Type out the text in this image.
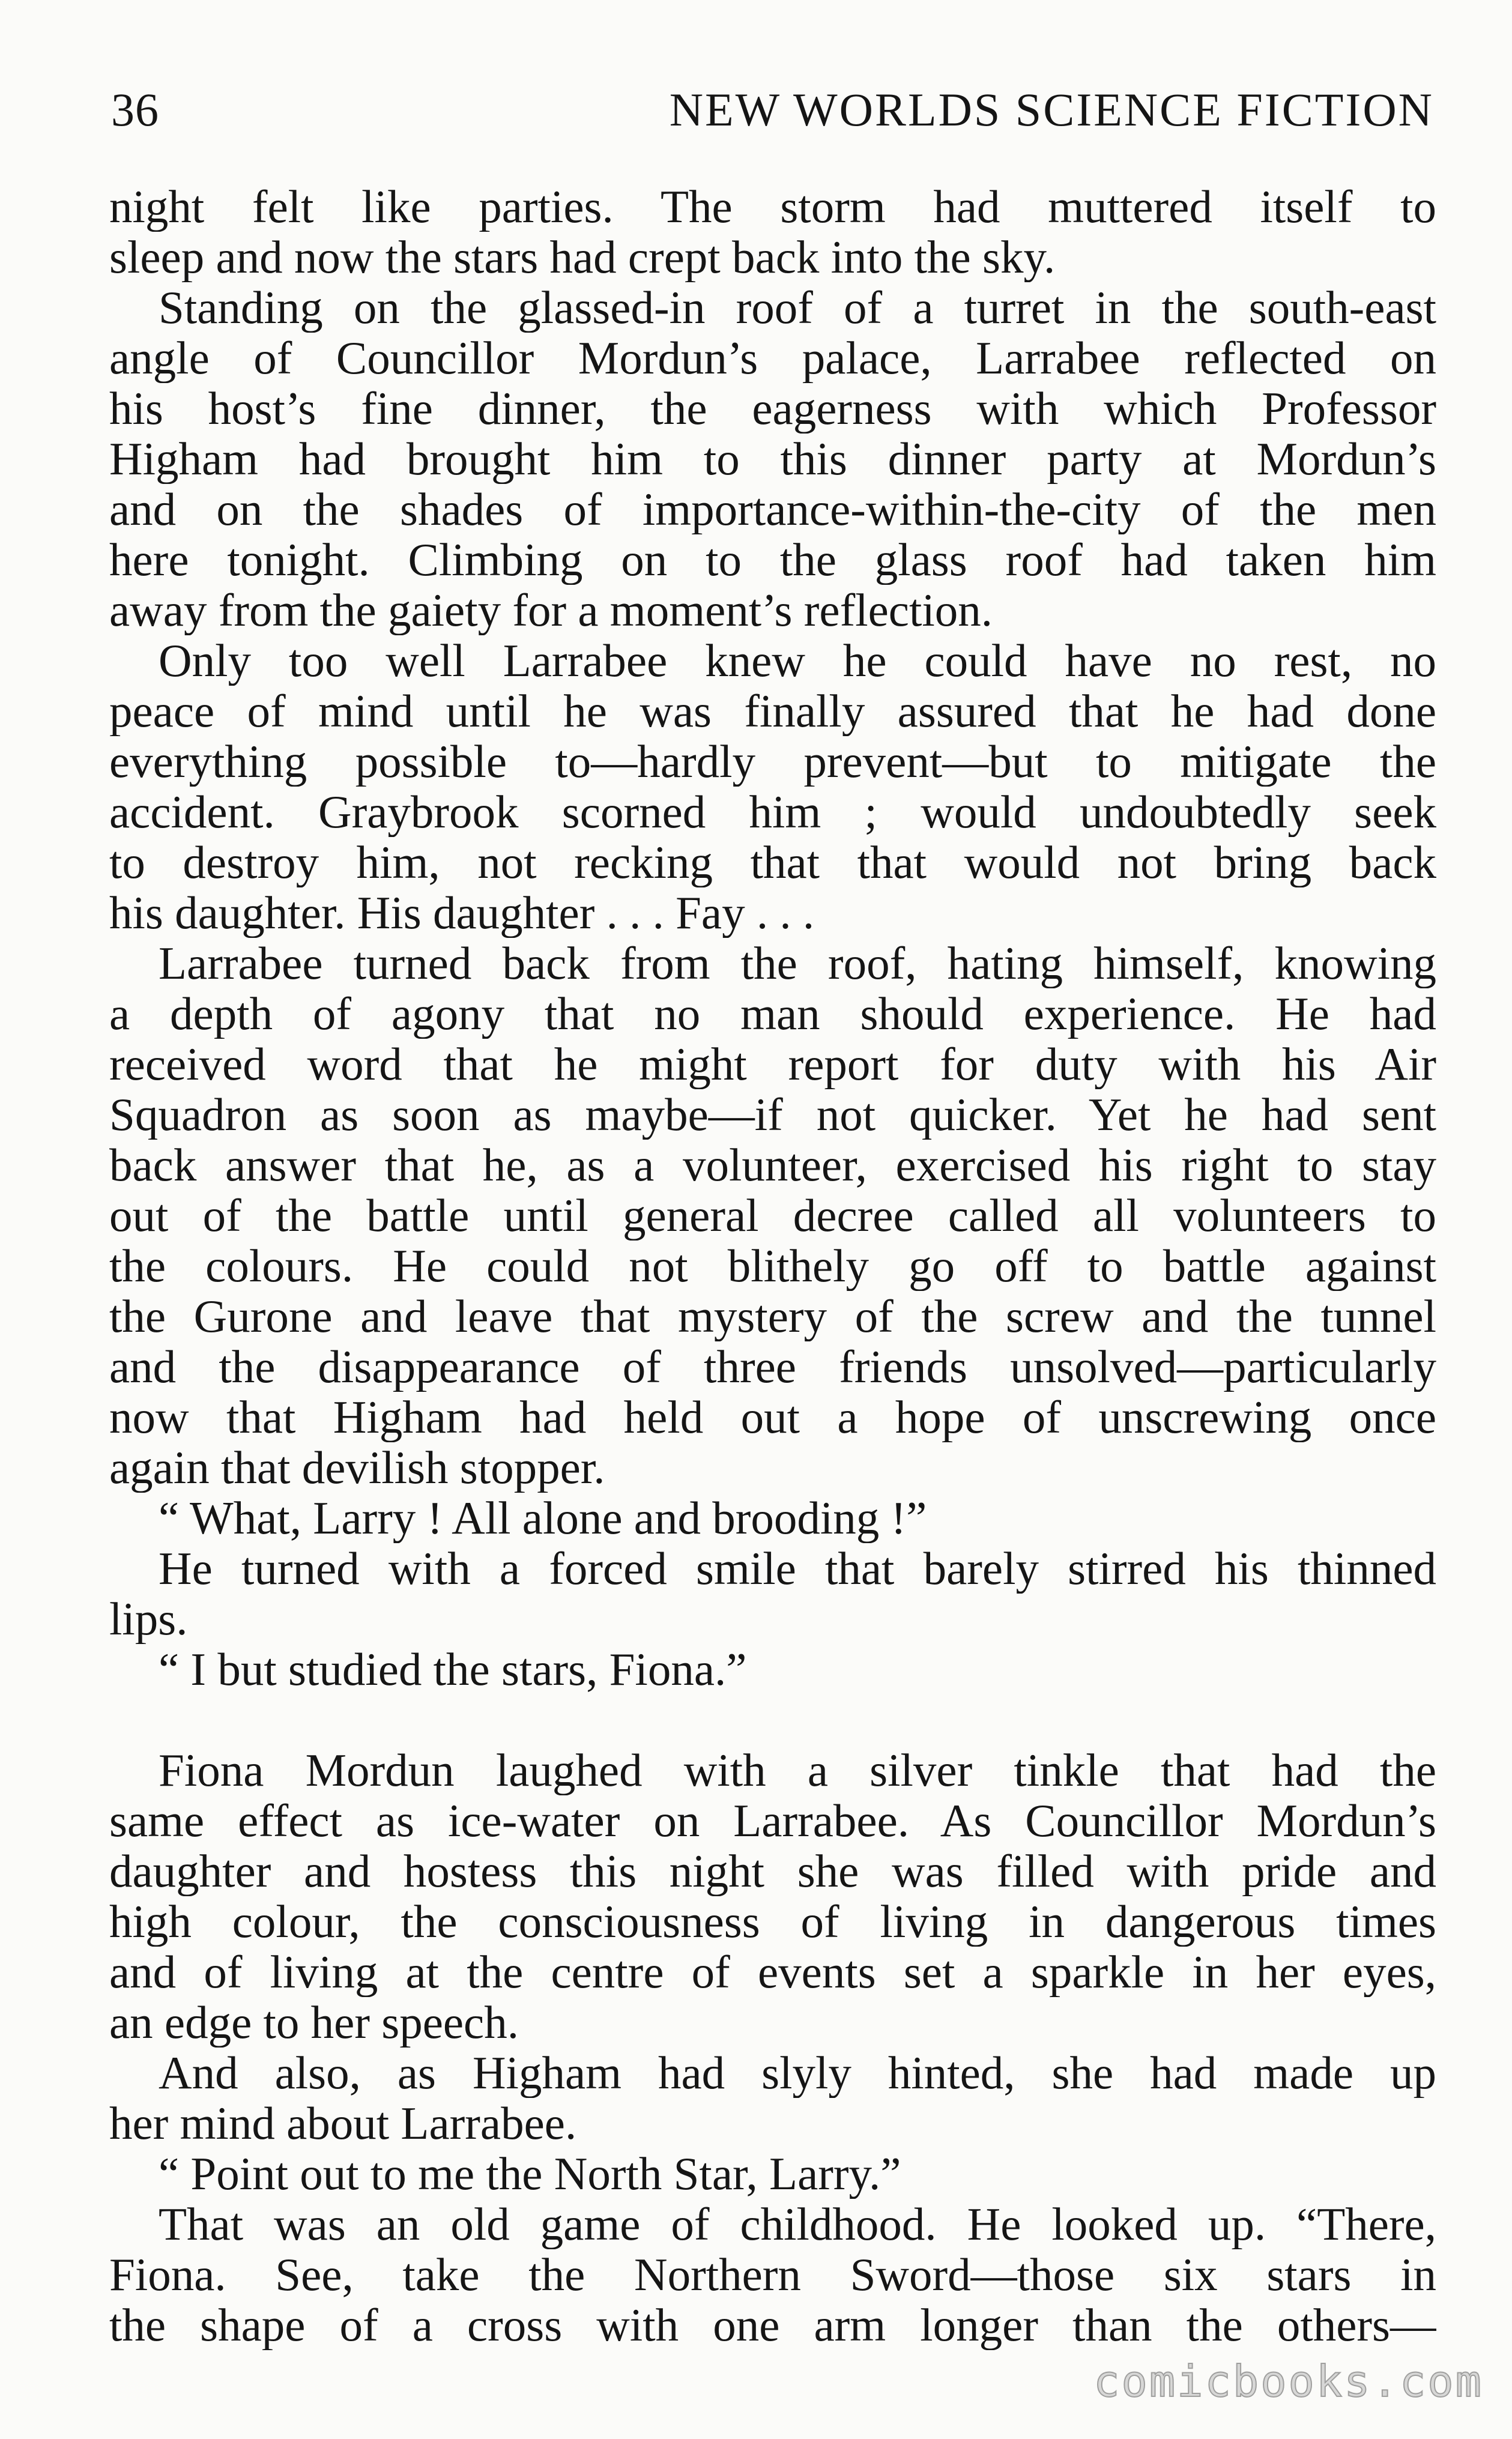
36	NEW WORLDS SCIENCE FICTION
night felt like parties. The storm had muttered itself to
sleep and now the stars had crept back into the sky.
Standing on the glassed-in roof of a turret in the south-east
angle of Councillor Mordun’s palace, Larrabee reflected on
his host’s fine dinner, the eagerness with which Professor
Higham had brought him to this dinner party at Mordun’s
and on the shades of importance-within-the-city of the men
here tonight. Climbing on to the glass roof had taken him
away from the gaiety for a moment’s reflection.
Only too well Larrabee knew he could have no rest, no
peace of mind until he was finally assured that he had done
everything possible to—hardly prevent—but to mitigate the
accident. Graybrook scorned him ; would undoubtedly seek
to destroy him, not recking that that would not bring back
his daughter. His daughter . . . Fay . . .
Larrabee turned back from the roof, hating himself, knowing
a depth of agony that no man should experience. He had
received word that he might report for duty with his Air
Squadron as soon as maybe—if not quicker. Yet he had sent
back answer that he, as a volunteer, exercised his right to stay
out of the battle until general decree called all volunteers to
the colours. He could not blithely go off to battle against
the Gurone and leave that mystery of the screw and the tunnel
and the disappearance of three friends unsolved—particularly
now that Higham had held out a hope of unscrewing once
again that devilish stopper.
“ What, Larry ! All alone and brooding !”
He turned with a forced smile that barely stirred his thinned
lips.
“ I but studied the stars, Fiona.”
Fiona Mordun laughed with a silver tinkle that had the
same effect as ice-water on Larrabee. As Councillor Mordun’s
daughter and hostess this night she was filled with pride and
high colour, the consciousness of living in dangerous times
and of living at the centre of events set a sparkle in her eyes,
an edge to her speech.
And also, as Higham had slyly hinted, she had made up
her mind about Larrabee.
“ Point out to me the North Star, Larry.”
That was an old game of childhood. He looked up. “There,
Fiona. See, take the Northern Sword—those six stars in
the shape of a cross with one arm longer than the others—
comicbooks.com
